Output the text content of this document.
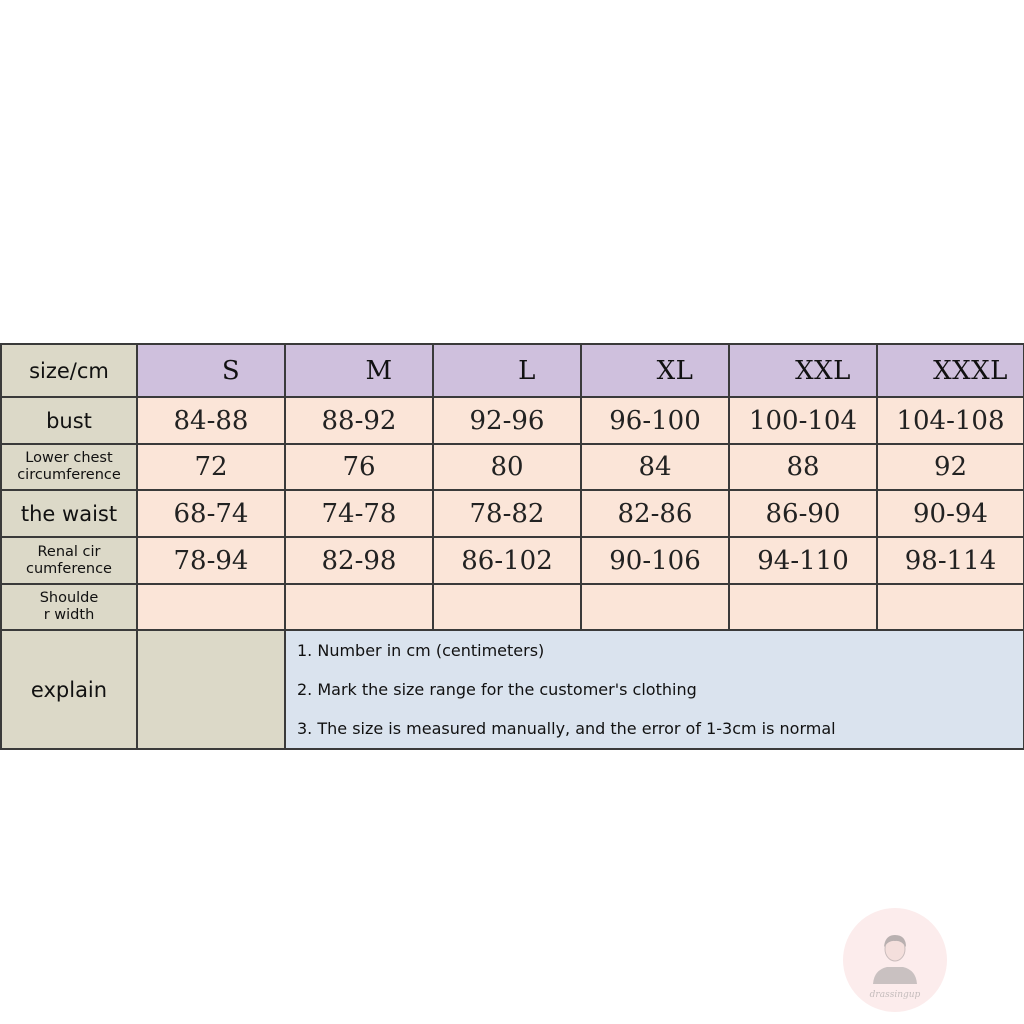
size/cm	S	M	L	XL	XXL	XXXL
bust	84-88	88-92	92-96	96-100	100-104	104-108
Lower chest
circumference	72	76	80	84	88	92
the waist	68-74	74-78	78-82	82-86	86-90	90-94
Renal cir
cumference	78-94	82-98	86-102	90-106	94-110	98-114
Shoulde
r width						
explain		1. Number in cm (centimeters)
2. Mark the size range for the customer's clothing
3. The size is measured manually, and the error of 1-3cm is normal				
drassingup
